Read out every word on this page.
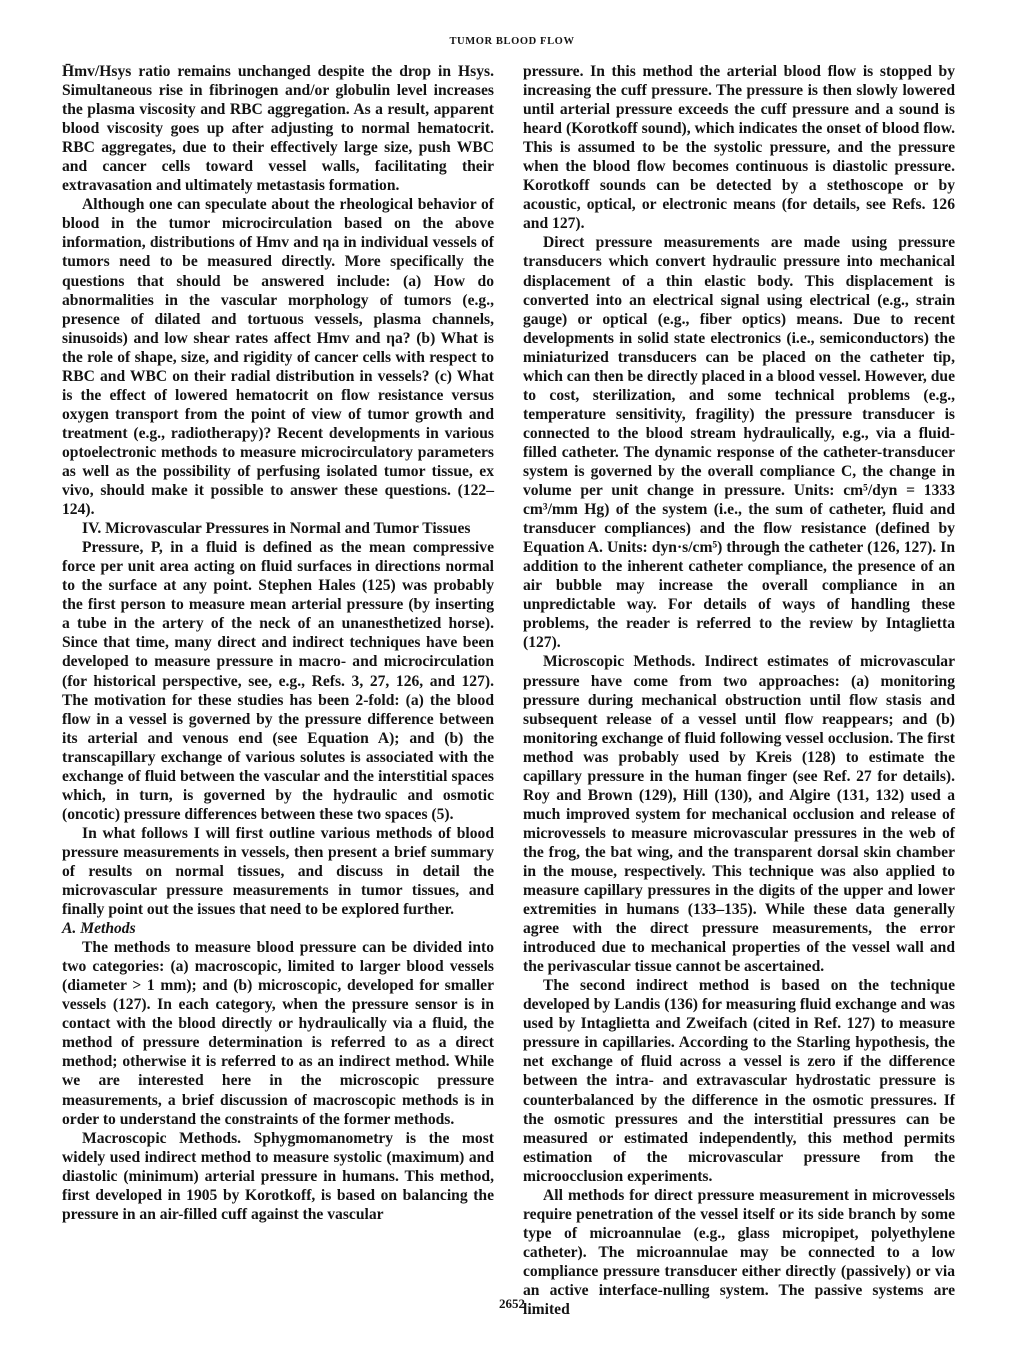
TUMOR BLOOD FLOW

H̄mv/Hsys ratio remains unchanged despite the drop in Hsys. Simultaneous rise in fibrinogen and/or globulin level increases the plasma viscosity and RBC aggregation. As a result, apparent blood viscosity goes up after adjusting to normal hematocrit. RBC aggregates, due to their effectively large size, push WBC and cancer cells toward vessel walls, facilitating their extravasation and ultimately metastasis formation.

Although one can speculate about the rheological behavior of blood in the tumor microcirculation based on the above information, distributions of Hmv and ηa in individual vessels of tumors need to be measured directly. More specifically the questions that should be answered include: (a) How do abnormalities in the vascular morphology of tumors (e.g., presence of dilated and tortuous vessels, plasma channels, sinusoids) and low shear rates affect Hmv and ηa? (b) What is the role of shape, size, and rigidity of cancer cells with respect to RBC and WBC on their radial distribution in vessels? (c) What is the effect of lowered hematocrit on flow resistance versus oxygen transport from the point of view of tumor growth and treatment (e.g., radiotherapy)? Recent developments in various optoelectronic methods to measure microcirculatory parameters as well as the possibility of perfusing isolated tumor tissue, ex vivo, should make it possible to answer these questions. (122–124).

IV. Microvascular Pressures in Normal and Tumor Tissues

Pressure, P, in a fluid is defined as the mean compressive force per unit area acting on fluid surfaces in directions normal to the surface at any point. Stephen Hales (125) was probably the first person to measure mean arterial pressure (by inserting a tube in the artery of the neck of an unanesthetized horse). Since that time, many direct and indirect techniques have been developed to measure pressure in macro- and microcirculation (for historical perspective, see, e.g., Refs. 3, 27, 126, and 127). The motivation for these studies has been 2-fold: (a) the blood flow in a vessel is governed by the pressure difference between its arterial and venous end (see Equation A); and (b) the transcapillary exchange of various solutes is associated with the exchange of fluid between the vascular and the interstitial spaces which, in turn, is governed by the hydraulic and osmotic (oncotic) pressure differences between these two spaces (5).

In what follows I will first outline various methods of blood pressure measurements in vessels, then present a brief summary of results on normal tissues, and discuss in detail the microvascular pressure measurements in tumor tissues, and finally point out the issues that need to be explored further.

A. Methods

The methods to measure blood pressure can be divided into two categories: (a) macroscopic, limited to larger blood vessels (diameter > 1 mm); and (b) microscopic, developed for smaller vessels (127). In each category, when the pressure sensor is in contact with the blood directly or hydraulically via a fluid, the method of pressure determination is referred to as a direct method; otherwise it is referred to as an indirect method. While we are interested here in the microscopic pressure measurements, a brief discussion of macroscopic methods is in order to understand the constraints of the former methods.

Macroscopic Methods. Sphygmomanometry is the most widely used indirect method to measure systolic (maximum) and diastolic (minimum) arterial pressure in humans. This method, first developed in 1905 by Korotkoff, is based on balancing the pressure in an air-filled cuff against the vascular

pressure. In this method the arterial blood flow is stopped by increasing the cuff pressure. The pressure is then slowly lowered until arterial pressure exceeds the cuff pressure and a sound is heard (Korotkoff sound), which indicates the onset of blood flow. This is assumed to be the systolic pressure, and the pressure when the blood flow becomes continuous is diastolic pressure. Korotkoff sounds can be detected by a stethoscope or by acoustic, optical, or electronic means (for details, see Refs. 126 and 127).

Direct pressure measurements are made using pressure transducers which convert hydraulic pressure into mechanical displacement of a thin elastic body. This displacement is converted into an electrical signal using electrical (e.g., strain gauge) or optical (e.g., fiber optics) means. Due to recent developments in solid state electronics (i.e., semiconductors) the miniaturized transducers can be placed on the catheter tip, which can then be directly placed in a blood vessel. However, due to cost, sterilization, and some technical problems (e.g., temperature sensitivity, fragility) the pressure transducer is connected to the blood stream hydraulically, e.g., via a fluid-filled catheter. The dynamic response of the catheter-transducer system is governed by the overall compliance C, the change in volume per unit change in pressure. Units: cm⁵/dyn = 1333 cm³/mm Hg) of the system (i.e., the sum of catheter, fluid and transducer compliances) and the flow resistance (defined by Equation A. Units: dyn·s/cm⁵) through the catheter (126, 127). In addition to the inherent catheter compliance, the presence of an air bubble may increase the overall compliance in an unpredictable way. For details of ways of handling these problems, the reader is referred to the review by Intaglietta (127).

Microscopic Methods. Indirect estimates of microvascular pressure have come from two approaches: (a) monitoring pressure during mechanical obstruction until flow stasis and subsequent release of a vessel until flow reappears; and (b) monitoring exchange of fluid following vessel occlusion. The first method was probably used by Kreis (128) to estimate the capillary pressure in the human finger (see Ref. 27 for details). Roy and Brown (129), Hill (130), and Algire (131, 132) used a much improved system for mechanical occlusion and release of microvessels to measure microvascular pressures in the web of the frog, the bat wing, and the transparent dorsal skin chamber in the mouse, respectively. This technique was also applied to measure capillary pressures in the digits of the upper and lower extremities in humans (133–135). While these data generally agree with the direct pressure measurements, the error introduced due to mechanical properties of the vessel wall and the perivascular tissue cannot be ascertained.

The second indirect method is based on the technique developed by Landis (136) for measuring fluid exchange and was used by Intaglietta and Zweifach (cited in Ref. 127) to measure pressure in capillaries. According to the Starling hypothesis, the net exchange of fluid across a vessel is zero if the difference between the intra- and extravascular hydrostatic pressure is counterbalanced by the difference in the osmotic pressures. If the osmotic pressures and the interstitial pressures can be measured or estimated independently, this method permits estimation of the microvascular pressure from the microocclusion experiments.

All methods for direct pressure measurement in microvessels require penetration of the vessel itself or its side branch by some type of microannulae (e.g., glass micropipet, polyethylene catheter). The microannulae may be connected to a low compliance pressure transducer either directly (passively) or via an active interface-nulling system. The passive systems are limited

2652
